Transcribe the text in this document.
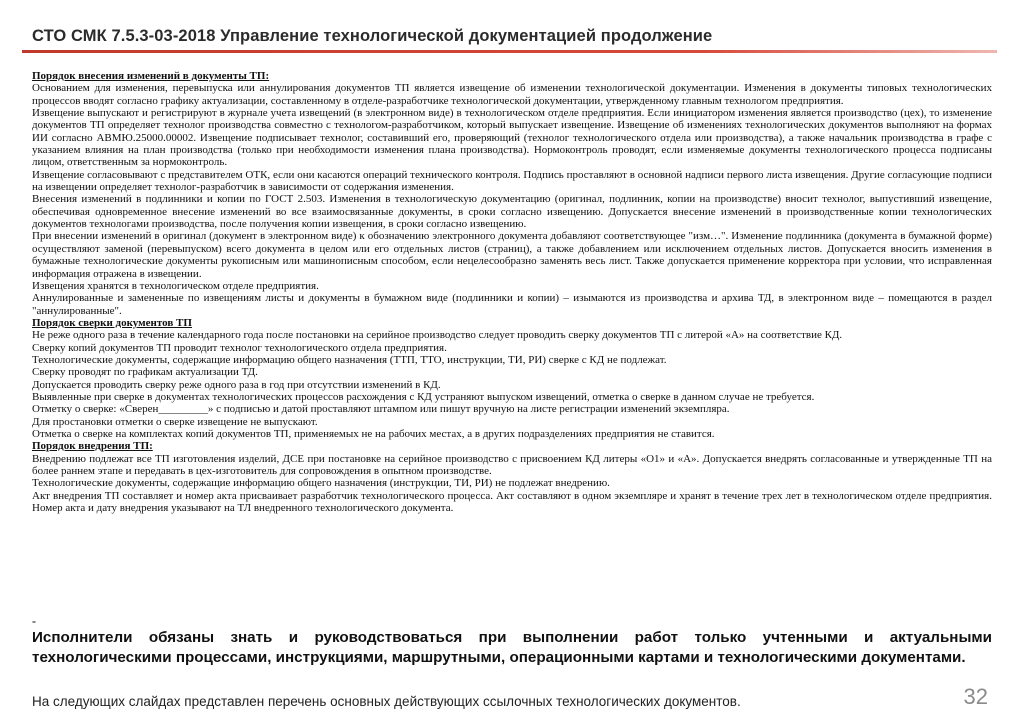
СТО СМК 7.5.3-03-2018 Управление технологической документацией продолжение

Порядок внесения изменений в документы ТП:

Основанием для изменения, перевыпуска или аннулирования документов ТП является извещение об изменении технологической документации. Изменения в документы типовых технологических процессов вводят согласно графику актуализации, составленному в отделе-разработчике технологической документации, утвержденному главным технологом предприятия.

Извещение выпускают и регистрируют в журнале учета извещений (в электронном виде) в технологическом отделе предприятия. Если инициатором изменения является производство (цех), то изменение документов ТП определяет технолог производства совместно с технологом-разработчиком, который выпускает извещение. Извещение об изменениях технологических документов выполняют на формах ИИ согласно АВМЮ.25000.00002. Извещение подписывает технолог, составивший его, проверяющий (технолог технологического отдела или производства), а также начальник производства в графе с указанием влияния на план производства (только при необходимости изменения плана производства). Нормоконтроль проводят, если изменяемые документы технологического процесса подписаны лицом, ответственным за нормоконтроль.

Извещение согласовывают с представителем ОТК, если они касаются операций технического контроля. Подпись проставляют в основной надписи первого листа извещения. Другие согласующие подписи на извещении определяет технолог-разработчик в зависимости от содержания изменения.

Внесения изменений в подлинники и копии по ГОСТ 2.503. Изменения в технологическую документацию (оригинал, подлинник, копии на производстве) вносит технолог, выпустивший извещение, обеспечивая одновременное внесение изменений во все взаимосвязанные документы, в сроки согласно извещению. Допускается внесение изменений в производственные копии технологических документов технологами производства, после получения копии извещения, в сроки согласно извещению.

При внесении изменений в оригинал (документ в электронном виде) к обозначению электронного документа добавляют соответствующее "изм…". Изменение подлинника (документа в бумажной форме) осуществляют заменой (перевыпуском) всего документа в целом или его отдельных листов (страниц), а также добавлением или исключением отдельных листов. Допускается вносить изменения в бумажные технологические документы рукописным или машинописным способом, если нецелесообразно заменять весь лист. Также допускается применение корректора при условии, что исправленная информация отражена в извещении.

Извещения хранятся в технологическом отделе предприятия.

Аннулированные и замененные по извещениям листы и документы в бумажном виде (подлинники и копии) – изымаются из производства и архива ТД, в электронном виде – помещаются в раздел "аннулированные".

Порядок сверки документов ТП

Не реже одного раза в течение календарного года после постановки на серийное производство следует проводить сверку документов ТП с литерой «А» на соответствие КД.

Сверку копий документов ТП проводит технолог технологического отдела предприятия.

Технологические документы, содержащие информацию общего назначения (ТТП, ТТО, инструкции, ТИ, РИ) сверке с КД не подлежат.

Сверку проводят по графикам актуализации ТД.

Допускается проводить сверку реже одного раза в год при отсутствии изменений в КД.

Выявленные при сверке в документах технологических процессов расхождения с КД устраняют выпуском извещений, отметка о сверке в данном случае не требуется.

Отметку о сверке: «Сверен_________» с подписью и датой проставляют штампом или пишут вручную на листе регистрации изменений экземпляра.

Для простановки отметки о сверке извещение не выпускают.

Отметка о сверке на комплектах копий документов ТП, применяемых не на рабочих местах, а в других подразделениях предприятия не ставится.

Порядок внедрения ТП:

Внедрению подлежат все ТП изготовления изделий, ДСЕ при постановке на серийное производство с присвоением КД литеры «О1» и «А». Допускается внедрять согласованные и утвержденные ТП на более раннем этапе и передавать в цех-изготовитель для сопровождения в опытном производстве.

Технологические документы, содержащие информацию общего назначения (инструкции, ТИ, РИ) не подлежат внедрению.

Акт внедрения ТП составляет и номер акта присваивает разработчик технологического процесса. Акт составляют в одном экземпляре и хранят в течение трех лет в технологическом отделе предприятия. Номер акта и дату внедрения указывают на ТЛ внедренного технологического документа.

-
Исполнители обязаны знать и руководствоваться при выполнении работ только учтенными и актуальными технологическими процессами, инструкциями, маршрутными, операционными картами и технологическими документами.
На следующих слайдах представлен перечень основных действующих ссылочных технологических документов.	32
